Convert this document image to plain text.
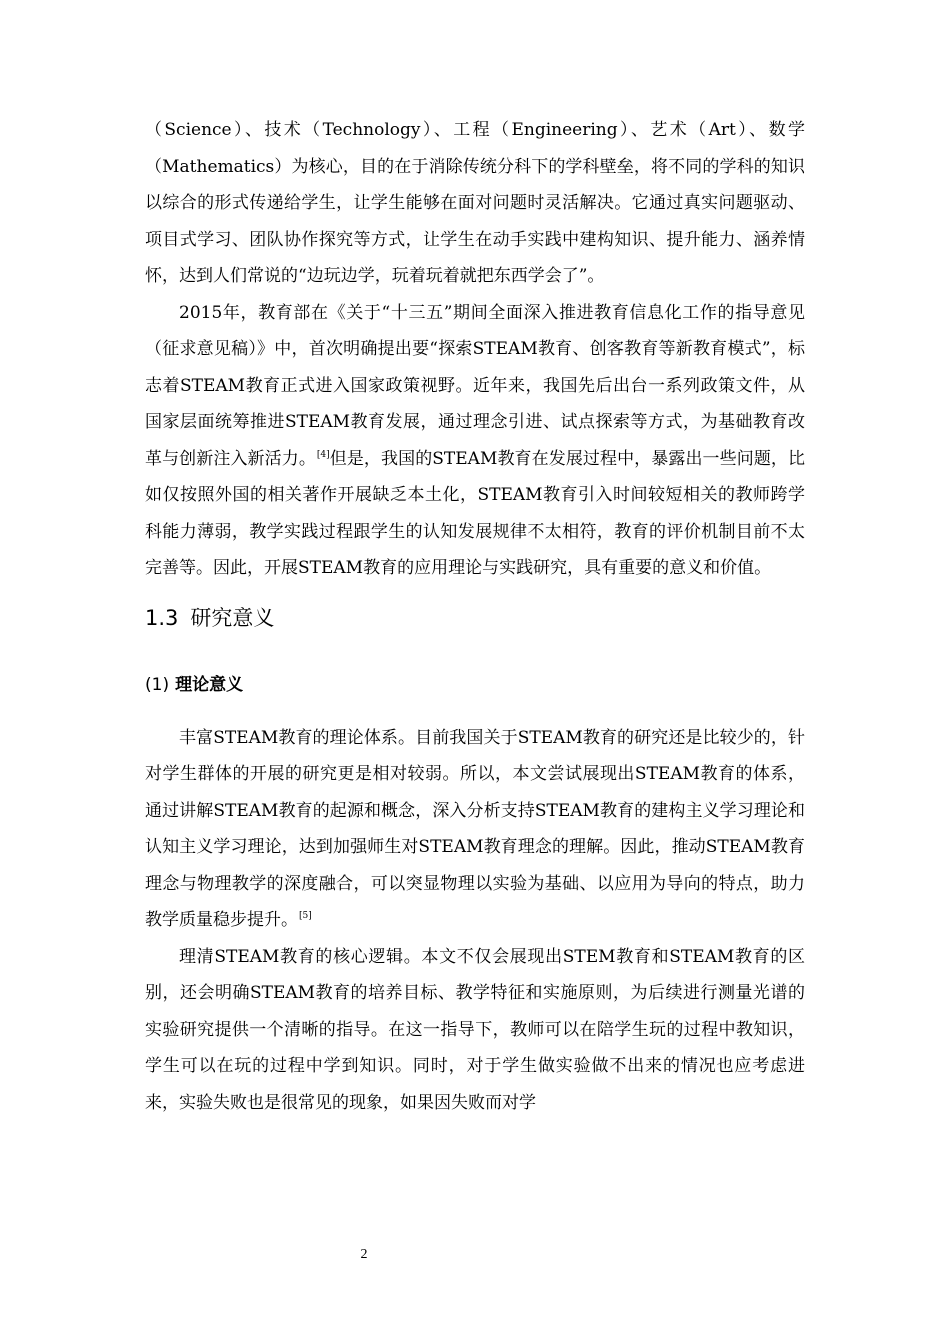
（Science）、技术（Technology）、工程（Engineering）、艺术（Art）、数学（Mathematics）为核心，目的在于消除传统分科下的学科壁垒，将不同的学科的知识以综合的形式传递给学生，让学生能够在面对问题时灵活解决。它通过真实问题驱动、项目式学习、团队协作探究等方式，让学生在动手实践中建构知识、提升能力、涵养情怀，达到人们常说的“边玩边学，玩着玩着就把东西学会了”。

2015年，教育部在《关于“十三五”期间全面深入推进教育信息化工作的指导意见（征求意见稿）》中，首次明确提出要“探索STEAM教育、创客教育等新教育模式”，标志着STEAM教育正式进入国家政策视野。近年来，我国先后出台一系列政策文件，从国家层面统筹推进STEAM教育发展，通过理念引进、试点探索等方式，为基础教育改革与创新注入新活力。[4]但是，我国的STEAM教育在发展过程中，暴露出一些问题，比如仅按照外国的相关著作开展缺乏本土化，STEAM教育引入时间较短相关的教师跨学科能力薄弱，教学实践过程跟学生的认知发展规律不太相符，教育的评价机制目前不太完善等。因此，开展STEAM教育的应用理论与实践研究，具有重要的意义和价值。

1.3 研究意义
(1) 理论意义

丰富STEAM教育的理论体系。目前我国关于STEAM教育的研究还是比较少的，针对学生群体的开展的研究更是相对较弱。所以，本文尝试展现出STEAM教育的体系，通过讲解STEAM教育的起源和概念，深入分析支持STEAM教育的建构主义学习理论和认知主义学习理论，达到加强师生对STEAM教育理念的理解。因此，推动STEAM教育理念与物理教学的深度融合，可以突显物理以实验为基础、以应用为导向的特点，助力教学质量稳步提升。[5]

理清STEAM教育的核心逻辑。本文不仅会展现出STEM教育和STEAM教育的区别，还会明确STEAM教育的培养目标、教学特征和实施原则，为后续进行测量光谱的实验研究提供一个清晰的指导。在这一指导下，教师可以在陪学生玩的过程中教知识，学生可以在玩的过程中学到知识。同时，对于学生做实验做不出来的情况也应考虑进来，实验失败也是很常见的现象，如果因失败而对学

2
